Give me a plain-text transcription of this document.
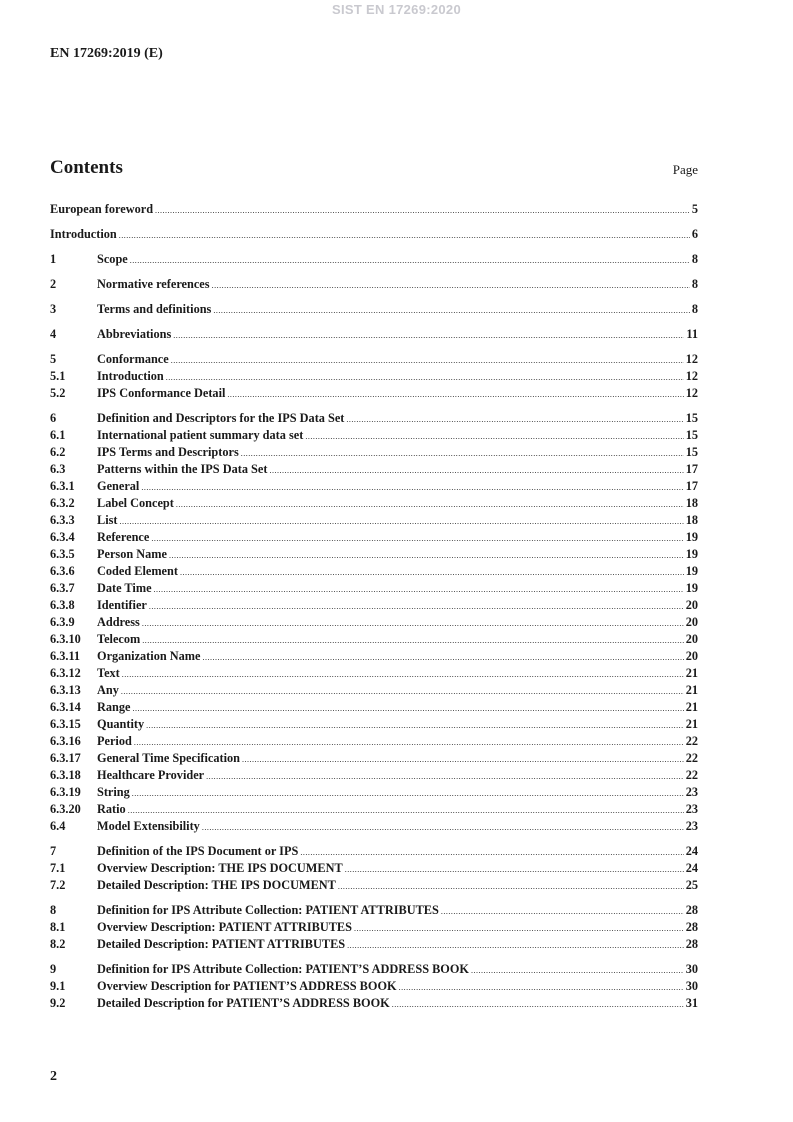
SIST EN 17269:2020
EN 17269:2019 (E)
Contents	Page
European foreword .....	5
Introduction .....	6
1	Scope .....	8
2	Normative references .....	8
3	Terms and definitions .....	8
4	Abbreviations .....	11
5	Conformance .....	12
5.1	Introduction .....	12
5.2	IPS Conformance Detail .....	12
6	Definition and Descriptors for the IPS Data Set .....	15
6.1	International patient summary data set .....	15
6.2	IPS Terms and Descriptors .....	15
6.3	Patterns within the IPS Data Set .....	17
6.3.1	General .....	17
6.3.2	Label Concept .....	18
6.3.3	List .....	18
6.3.4	Reference .....	19
6.3.5	Person Name .....	19
6.3.6	Coded Element .....	19
6.3.7	Date Time .....	19
6.3.8	Identifier .....	20
6.3.9	Address .....	20
6.3.10	Telecom .....	20
6.3.11	Organization Name .....	20
6.3.12	Text .....	21
6.3.13	Any .....	21
6.3.14	Range .....	21
6.3.15	Quantity .....	21
6.3.16	Period .....	22
6.3.17	General Time Specification .....	22
6.3.18	Healthcare Provider .....	22
6.3.19	String .....	23
6.3.20	Ratio .....	23
6.4	Model Extensibility .....	23
7	Definition of the IPS Document or IPS .....	24
7.1	Overview Description: THE IPS DOCUMENT .....	24
7.2	Detailed Description: THE IPS DOCUMENT .....	25
8	Definition for IPS Attribute Collection: PATIENT ATTRIBUTES .....	28
8.1	Overview Description: PATIENT ATTRIBUTES .....	28
8.2	Detailed Description: PATIENT ATTRIBUTES .....	28
9	Definition for IPS Attribute Collection: PATIENT’S ADDRESS BOOK .....	30
9.1	Overview Description for PATIENT’S ADDRESS BOOK .....	30
9.2	Detailed Description for PATIENT’S ADDRESS BOOK .....	31
2
